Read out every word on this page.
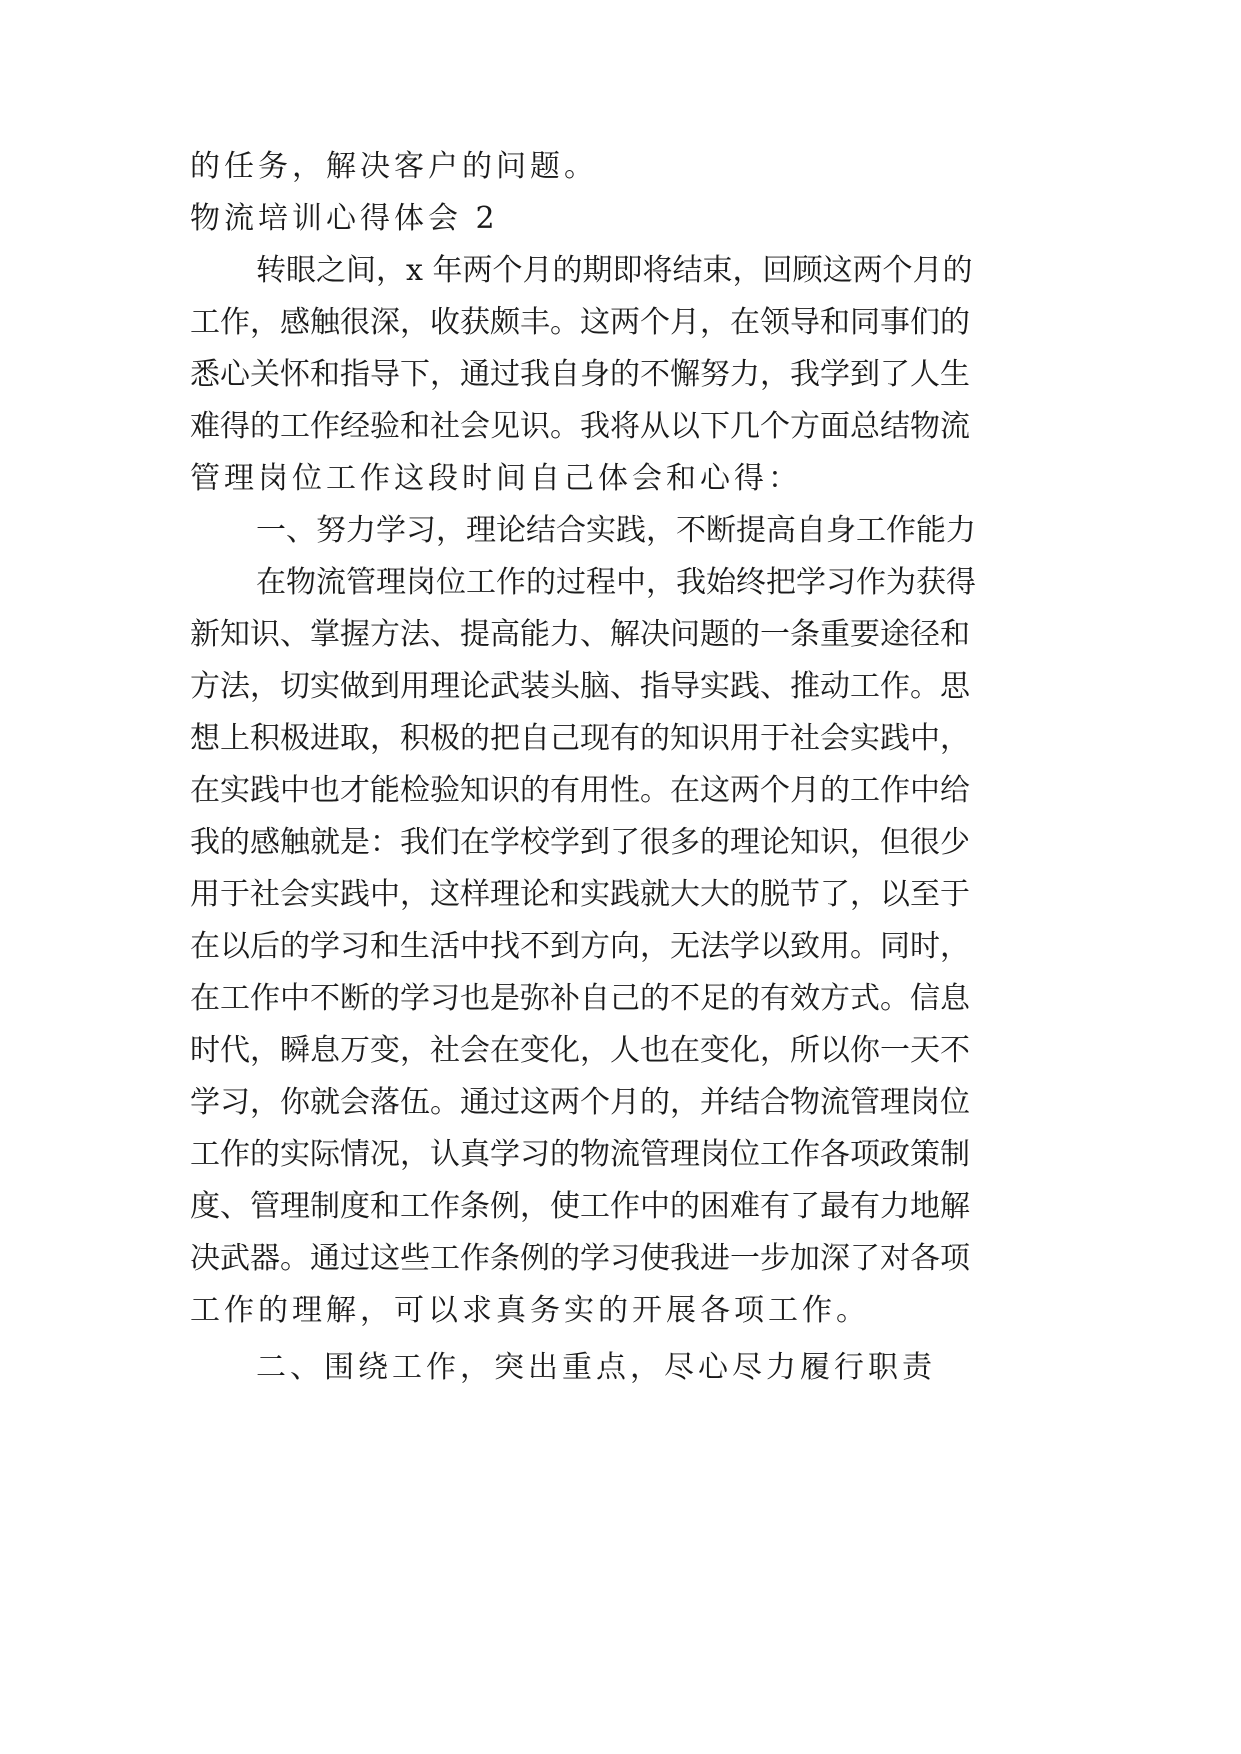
的任务，解决客户的问题。
物流培训心得体会 2
转眼之间，x 年两个月的期即将结束，回顾这两个月的
工作，感触很深，收获颇丰。这两个月，在领导和同事们的
悉心关怀和指导下，通过我自身的不懈努力，我学到了人生
难得的工作经验和社会见识。我将从以下几个方面总结物流
管理岗位工作这段时间自己体会和心得：
一、努力学习，理论结合实践，不断提高自身工作能力
在物流管理岗位工作的过程中，我始终把学习作为获得
新知识、掌握方法、提高能力、解决问题的一条重要途径和
方法，切实做到用理论武装头脑、指导实践、推动工作。思
想上积极进取，积极的把自己现有的知识用于社会实践中，
在实践中也才能检验知识的有用性。在这两个月的工作中给
我的感触就是：我们在学校学到了很多的理论知识，但很少
用于社会实践中，这样理论和实践就大大的脱节了，以至于
在以后的学习和生活中找不到方向，无法学以致用。同时，
在工作中不断的学习也是弥补自己的不足的有效方式。信息
时代，瞬息万变，社会在变化，人也在变化，所以你一天不
学习，你就会落伍。通过这两个月的，并结合物流管理岗位
工作的实际情况，认真学习的物流管理岗位工作各项政策制
度、管理制度和工作条例，使工作中的困难有了最有力地解
决武器。通过这些工作条例的学习使我进一步加深了对各项
工作的理解，可以求真务实的开展各项工作。
二、围绕工作，突出重点，尽心尽力履行职责
